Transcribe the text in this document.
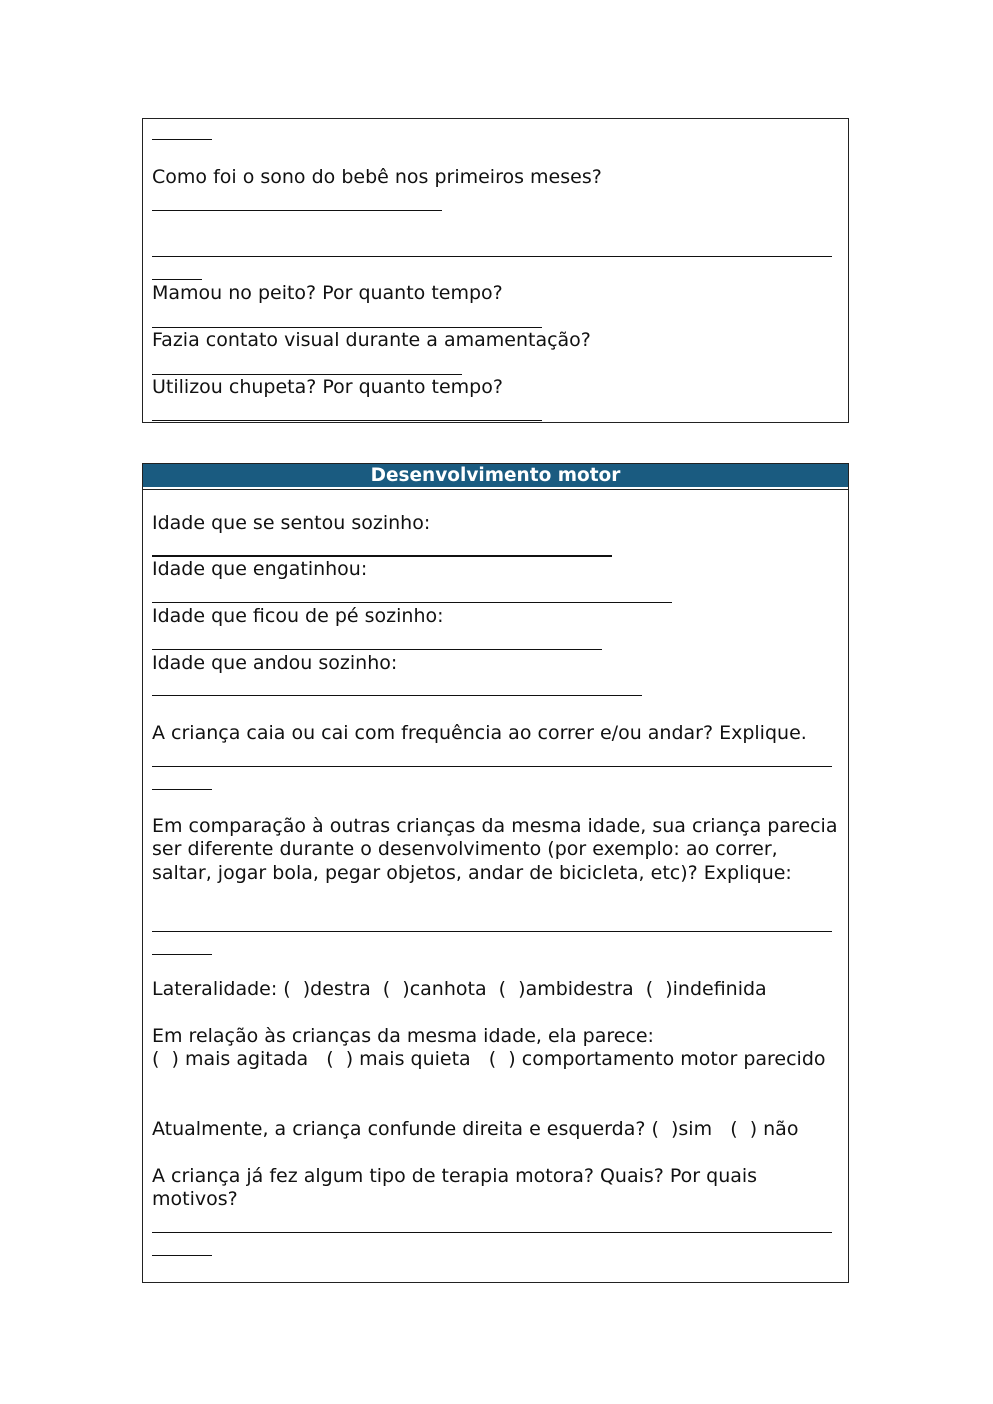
Como foi o sono do bebê nos primeiros meses?
Mamou no peito? Por quanto tempo?
Fazia contato visual durante a amamentação?
Utilizou chupeta? Por quanto tempo?
Desenvolvimento motor
Idade que se sentou sozinho:
Idade que engatinhou:
Idade que ficou de pé sozinho:
Idade que andou sozinho:
A criança caia ou cai com frequência ao correr e/ou andar? Explique.
Em comparação à outras crianças da mesma idade, sua criança parecia ser diferente durante o desenvolvimento (por exemplo: ao correr, saltar, jogar bola, pegar objetos, andar de bicicleta, etc)? Explique:
Lateralidade: (  )destra  (  )canhota  (  )ambidestra  (  )indefinida
Em relação às crianças da mesma idade, ela parece:
(  ) mais agitada   (  ) mais quieta   (  ) comportamento motor parecido
Atualmente, a criança confunde direita e esquerda? (  )sim   (  ) não
A criança já fez algum tipo de terapia motora? Quais? Por quais motivos?
